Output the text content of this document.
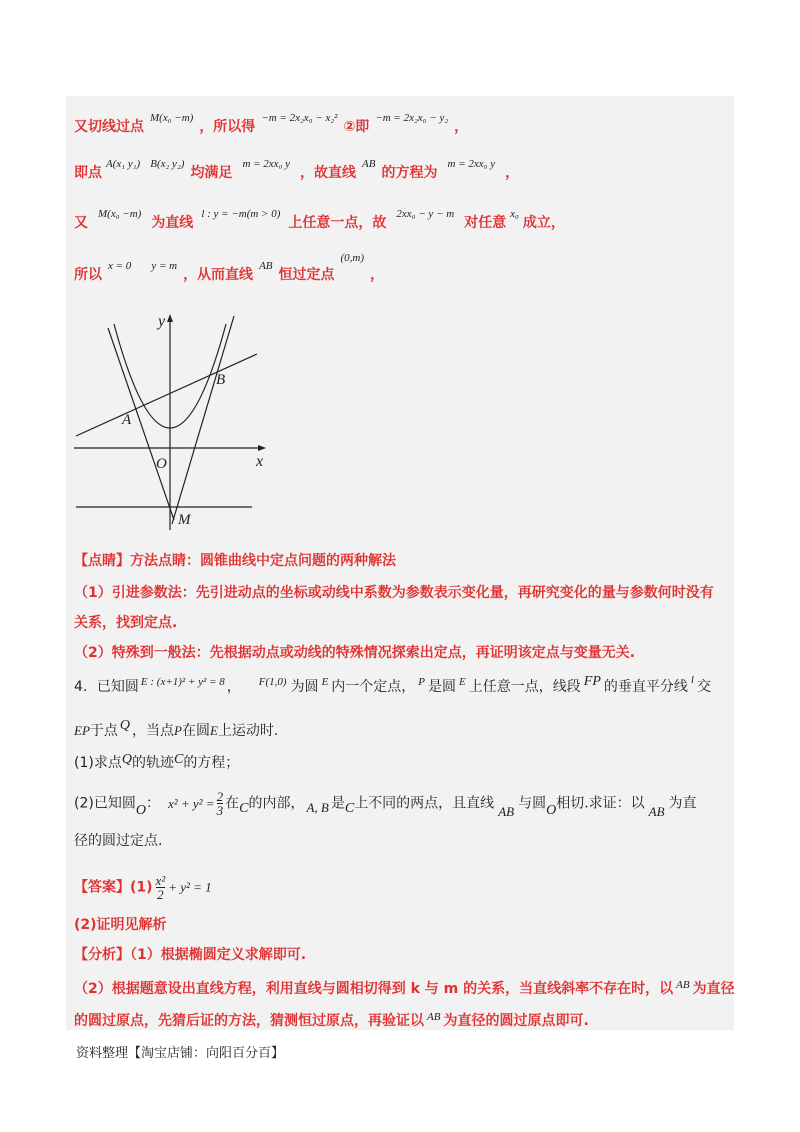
又切线过点$^{M(x_0 -m)}$，所以得$^{-m = 2x_2x_0 - x_2^2}$②即$^{-m = 2x_2x_0 - y_2}$，
即点$^{A(x_1 y_1)}$ $^{B(x_2 y_2)}$均满足$^{m = 2xx_0 y}$，故直线$^{AB}$的方程为$^{m = 2xx_0 y}$，
又$^{M(x_0 -m)}$为直线$^{l : y = -m(m > 0)}$上任意一点，故$^{2xx_0 - y - m}$对任意$^{x_0}$成立，
所以$^{x = 0}$ $^{y = m}$，从而直线$^{AB}$恒过定点$^{(0,m)}$，
y
x
A
B
O
M
【点睛】方法点睛：圆锥曲线中定点问题的两种解法
（1）引进参数法：先引进动点的坐标或动线中系数为参数表示变化量，再研究变化的量与参数何时没有
关系，找到定点.
（2）特殊到一般法：先根据动点或动线的特殊情况探索出定点，再证明该定点与变量无关.
4．已知圆 $^{E : (x+1)^2 + y^2 = 8}$ ， $^{F(1,0)}$ 为圆 $^E$ 内一个定点， $^P$ 是圆 $^E$ 上任意一点，线段 FP 的垂直平分线 $^l$ 交
EP于点 Q ，当点P在圆E上运动时.
(1)求点Q的轨迹C的方程；
(2)已知圆O： $x^2 + y^2 = \frac{2}{3}$ 在C的内部， A, B 是C上不同的两点，且直线 AB 与圆O相切.求证：以 AB 为直
径的圆过定点.
【答案】$(1) \frac{\text{x²}}{2} + y^2 = 1$
(2)证明见解析
【分析】（1）根据椭圆定义求解即可.
（2）根据题意设出直线方程，利用直线与圆相切得到 k 与 m 的关系，当直线斜率不存在时，以 $^{AB}$ 为直径
的圆过原点，先猜后证的方法，猜测恒过原点，再验证以 $^{AB}$ 为直径的圆过原点即可.
资料整理【淘宝店铺：向阳百分百】
